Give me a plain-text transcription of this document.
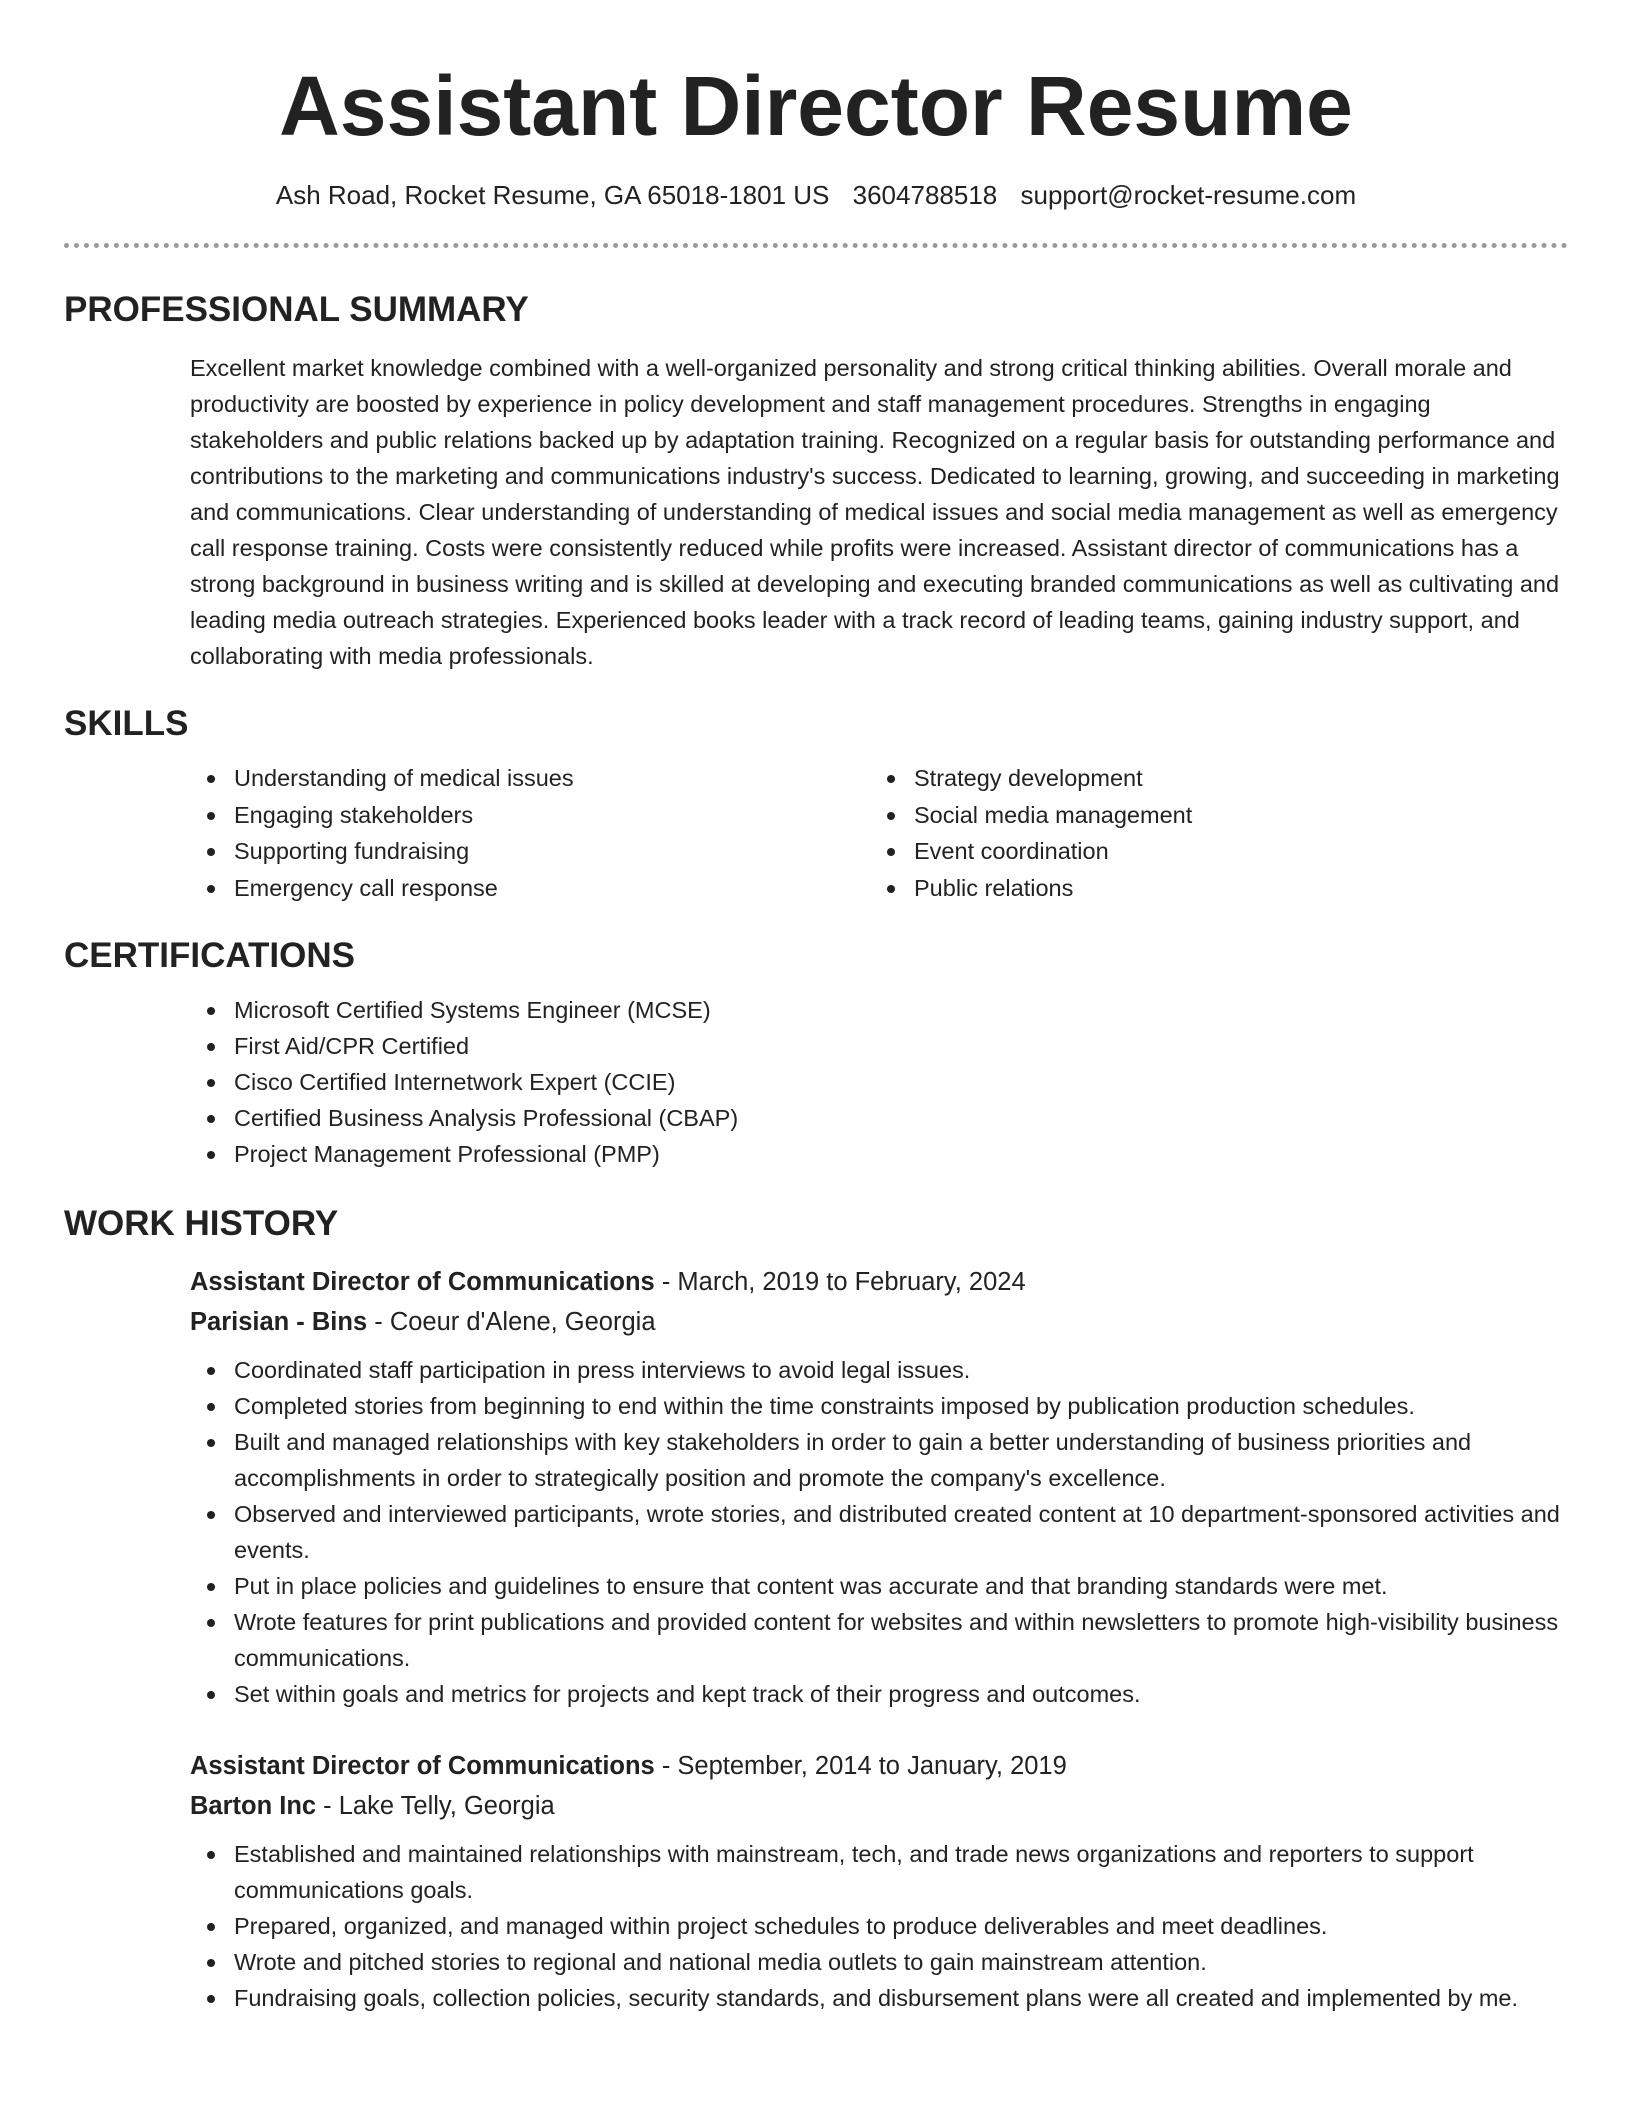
Assistant Director Resume
Ash Road, Rocket Resume, GA 65018-1801 US 3604788518 support@rocket-resume.com
PROFESSIONAL SUMMARY

Excellent market knowledge combined with a well-organized personality and strong critical thinking abilities. Overall morale and productivity are boosted by experience in policy development and staff management procedures. Strengths in engaging stakeholders and public relations backed up by adaptation training. Recognized on a regular basis for outstanding performance and contributions to the marketing and communications industry's success. Dedicated to learning, growing, and succeeding in marketing and communications. Clear understanding of understanding of medical issues and social media management as well as emergency call response training. Costs were consistently reduced while profits were increased. Assistant director of communications has a strong background in business writing and is skilled at developing and executing branded communications as well as cultivating and leading media outreach strategies. Experienced books leader with a track record of leading teams, gaining industry support, and collaborating with media professionals.

SKILLS
Understanding of medical issues
Engaging stakeholders
Supporting fundraising
Emergency call response
Strategy development
Social media management
Event coordination
Public relations
CERTIFICATIONS
Microsoft Certified Systems Engineer (MCSE)
First Aid/CPR Certified
Cisco Certified Internetwork Expert (CCIE)
Certified Business Analysis Professional (CBAP)
Project Management Professional (PMP)
WORK HISTORY
Assistant Director of Communications - March, 2019 to February, 2024
Parisian - Bins - Coeur d'Alene, Georgia
Coordinated staff participation in press interviews to avoid legal issues.
Completed stories from beginning to end within the time constraints imposed by publication production schedules.
Built and managed relationships with key stakeholders in order to gain a better understanding of business priorities and accomplishments in order to strategically position and promote the company's excellence.
Observed and interviewed participants, wrote stories, and distributed created content at 10 department-sponsored activities and events.
Put in place policies and guidelines to ensure that content was accurate and that branding standards were met.
Wrote features for print publications and provided content for websites and within newsletters to promote high-visibility business communications.
Set within goals and metrics for projects and kept track of their progress and outcomes.
Assistant Director of Communications - September, 2014 to January, 2019
Barton Inc - Lake Telly, Georgia
Established and maintained relationships with mainstream, tech, and trade news organizations and reporters to support communications goals.
Prepared, organized, and managed within project schedules to produce deliverables and meet deadlines.
Wrote and pitched stories to regional and national media outlets to gain mainstream attention.
Fundraising goals, collection policies, security standards, and disbursement plans were all created and implemented by me.
